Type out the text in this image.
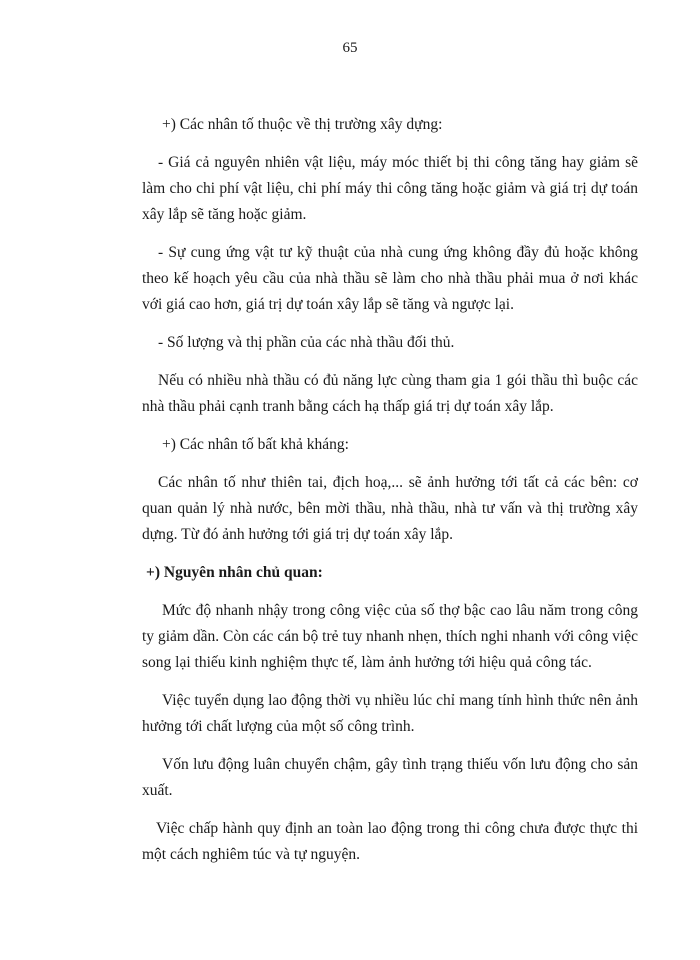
65

+) Các nhân tố thuộc về thị trường xây dựng:

- Giá cả nguyên nhiên vật liệu, máy móc thiết bị thi công tăng hay giảm sẽ làm cho chi phí vật liệu, chi phí máy thi công tăng hoặc giảm và giá trị dự toán xây lắp sẽ tăng hoặc giảm.

- Sự cung ứng vật tư kỹ thuật của nhà cung ứng không đầy đủ hoặc không theo kế hoạch yêu cầu của nhà thầu sẽ làm cho nhà thầu phải mua ở nơi khác với giá cao hơn, giá trị dự toán xây lắp sẽ tăng và ngược lại.

- Số lượng và thị phần của các nhà thầu đối thủ.

Nếu có nhiều nhà thầu có đủ năng lực cùng tham gia 1 gói thầu thì buộc các nhà thầu phải cạnh tranh bằng cách hạ thấp giá trị dự toán xây lắp.

+) Các nhân tố bất khả kháng:

Các nhân tố như thiên tai, địch hoạ,... sẽ ảnh hưởng tới tất cả các bên: cơ quan quản lý nhà nước, bên mời thầu, nhà thầu, nhà tư vấn và thị trường xây dựng. Từ đó ảnh hưởng tới giá trị dự toán xây lắp.

+) Nguyên nhân chủ quan:

Mức độ nhanh nhậy trong công việc của số thợ bậc cao lâu năm trong công ty giảm dần. Còn các cán bộ trẻ tuy nhanh nhẹn, thích nghi nhanh với công việc song lại thiếu kinh nghiệm thực tế, làm ảnh hưởng tới hiệu quả công tác.

Việc tuyển dụng lao động thời vụ nhiều lúc chỉ mang tính hình thức nên ảnh hưởng tới chất lượng của một số công trình.

Vốn lưu động luân chuyển chậm, gây tình trạng thiếu vốn lưu động cho sản xuất.

Việc chấp hành quy định an toàn lao động trong thi công chưa được thực thi một cách nghiêm túc và tự nguyện.
